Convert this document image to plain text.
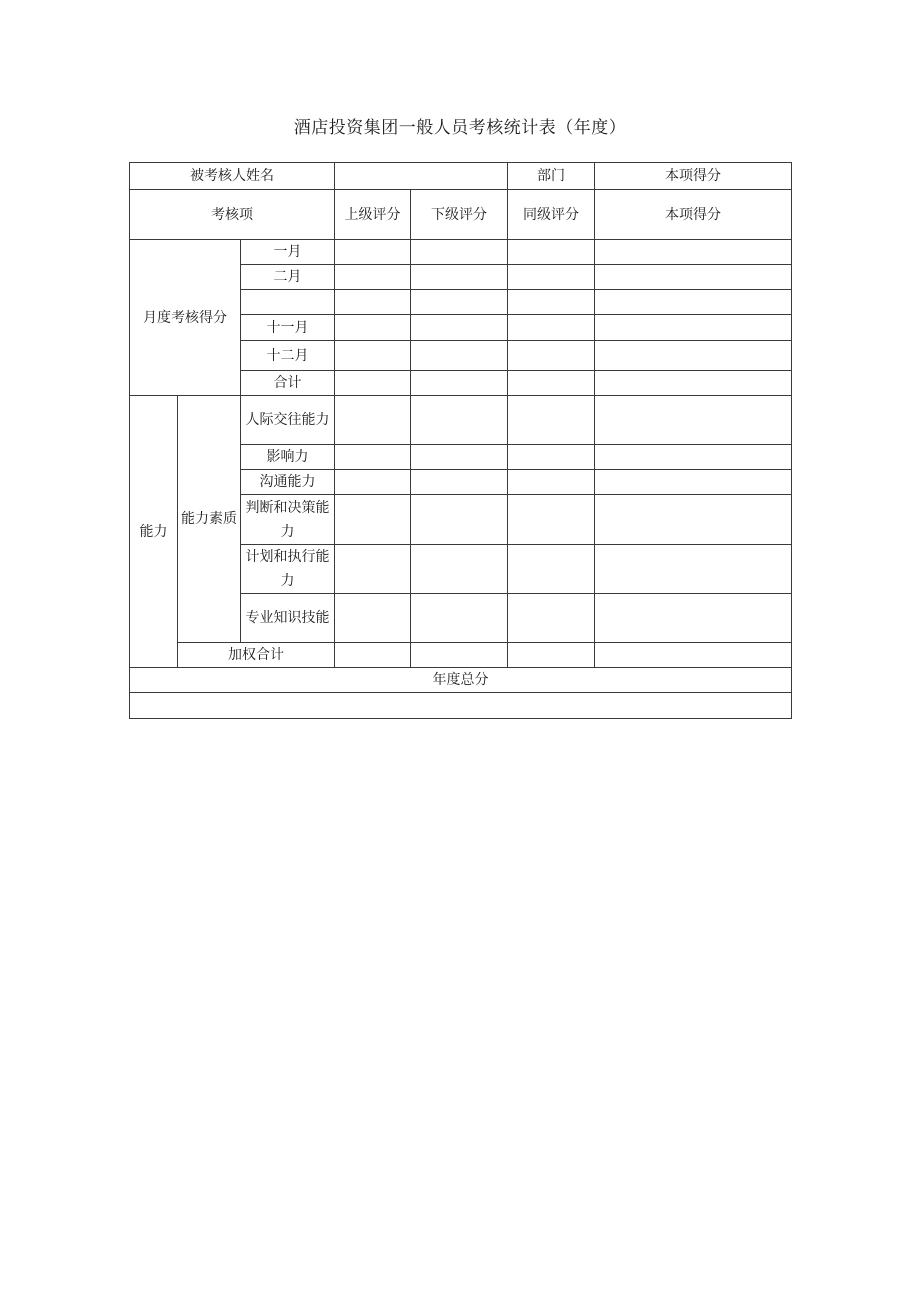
酒店投资集团一般人员考核统计表（年度）
被考核人姓名					部门	本项得分
考核项			上级评分	下级评分	同级评分	本项得分
月度考核得分		一月				
		二月				

		十一月				
		十二月				
		合计				
能力	能力素质	人际交往能力				
		影响力				
		沟通能力				
		判断和决策能力				
		计划和执行能力				
		专业知识技能				
	加权合计					
年度总分						
